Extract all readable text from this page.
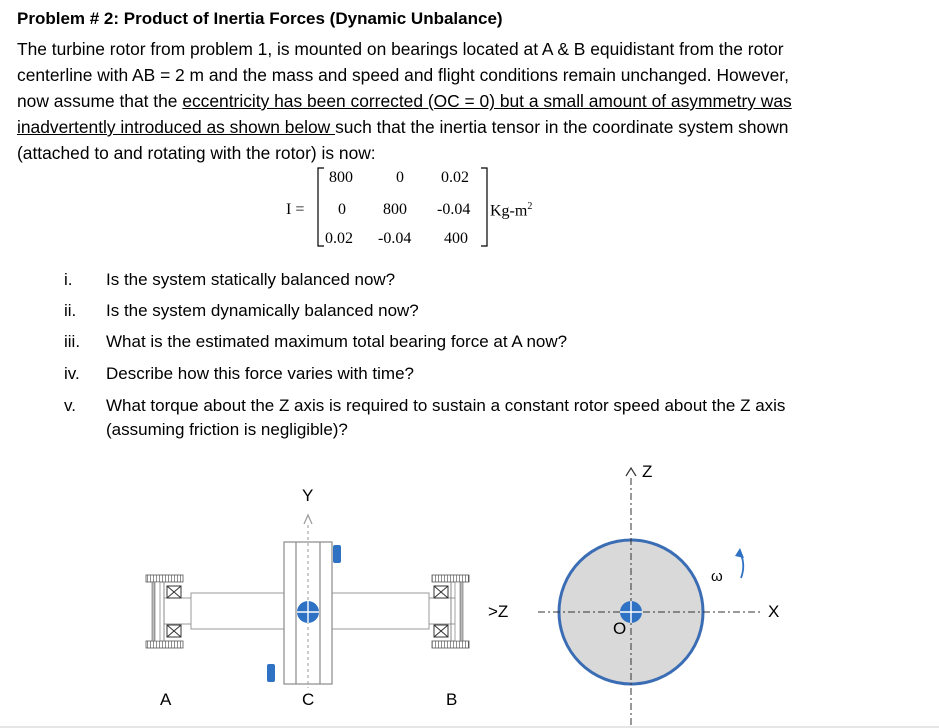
Problem # 2: Product of Inertia Forces (Dynamic Unbalance)
The turbine rotor from problem 1, is mounted on bearings located at A & B equidistant from the rotor
centerline with AB = 2 m and the mass and speed and flight conditions remain unchanged. However,
now assume that the eccentricity has been corrected (OC = 0) but a small amount of asymmetry was
inadvertently introduced as shown below such that the inertia tensor in the coordinate system shown
(attached to and rotating with the rotor) is now:
I =
800	0 0.02
0 800 -0.04
0.02 -0.04 400
$Kg-m^2$
i. Is the system statically balanced now?
ii. Is the system dynamically balanced now?
iii. What is the estimated maximum total bearing force at A now?
iv. Describe how this force varies with time?
v. What torque about the Z axis is required to sustain a constant rotor speed about the Z axis
(assuming friction is negligible)?
Y
A	C	B
>Z
Z
X
O
ω
